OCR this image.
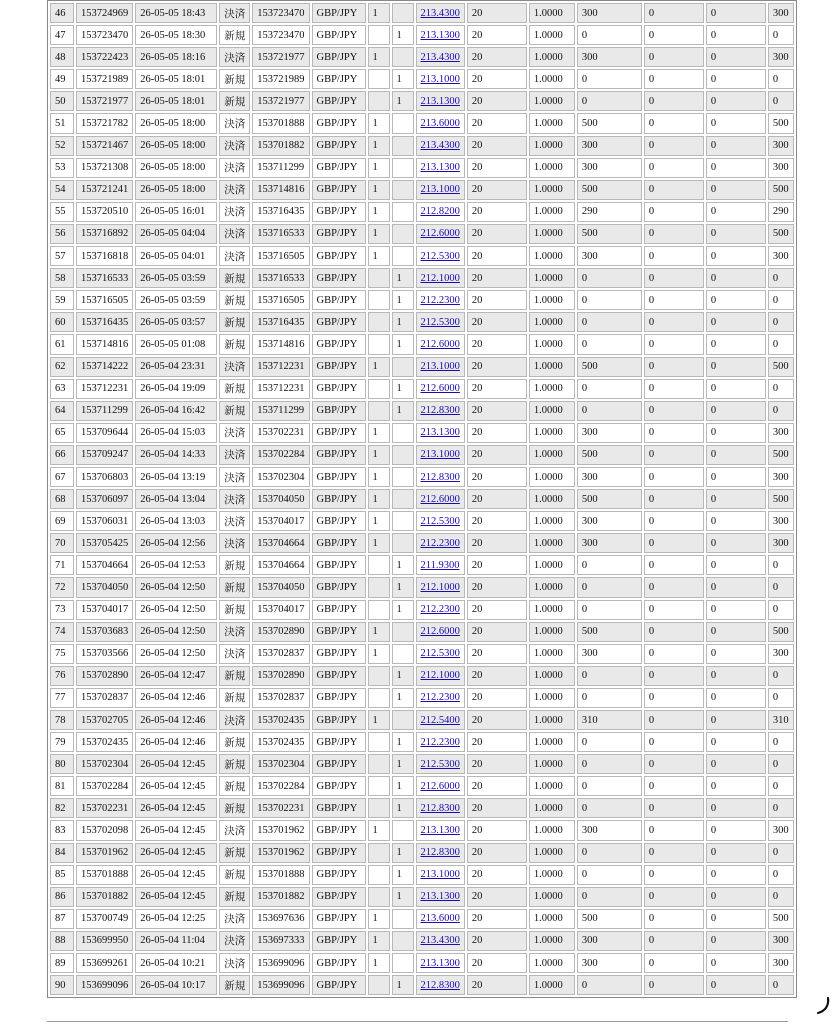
46	153724969	26-05-05 18:43	決済	153723470	GBP/JPY	1		213.4300	20	1.0000	300	0	0	300
47	153723470	26-05-05 18:30	新規	153723470	GBP/JPY		1	213.1300	20	1.0000	0	0	0	0
48	153722423	26-05-05 18:16	決済	153721977	GBP/JPY	1		213.4300	20	1.0000	300	0	0	300
49	153721989	26-05-05 18:01	新規	153721989	GBP/JPY		1	213.1000	20	1.0000	0	0	0	0
50	153721977	26-05-05 18:01	新規	153721977	GBP/JPY		1	213.1300	20	1.0000	0	0	0	0
51	153721782	26-05-05 18:00	決済	153701888	GBP/JPY	1		213.6000	20	1.0000	500	0	0	500
52	153721467	26-05-05 18:00	決済	153701882	GBP/JPY	1		213.4300	20	1.0000	300	0	0	300
53	153721308	26-05-05 18:00	決済	153711299	GBP/JPY	1		213.1300	20	1.0000	300	0	0	300
54	153721241	26-05-05 18:00	決済	153714816	GBP/JPY	1		213.1000	20	1.0000	500	0	0	500
55	153720510	26-05-05 16:01	決済	153716435	GBP/JPY	1		212.8200	20	1.0000	290	0	0	290
56	153716892	26-05-05 04:04	決済	153716533	GBP/JPY	1		212.6000	20	1.0000	500	0	0	500
57	153716818	26-05-05 04:01	決済	153716505	GBP/JPY	1		212.5300	20	1.0000	300	0	0	300
58	153716533	26-05-05 03:59	新規	153716533	GBP/JPY		1	212.1000	20	1.0000	0	0	0	0
59	153716505	26-05-05 03:59	新規	153716505	GBP/JPY		1	212.2300	20	1.0000	0	0	0	0
60	153716435	26-05-05 03:57	新規	153716435	GBP/JPY		1	212.5300	20	1.0000	0	0	0	0
61	153714816	26-05-05 01:08	新規	153714816	GBP/JPY		1	212.6000	20	1.0000	0	0	0	0
62	153714222	26-05-04 23:31	決済	153712231	GBP/JPY	1		213.1000	20	1.0000	500	0	0	500
63	153712231	26-05-04 19:09	新規	153712231	GBP/JPY		1	212.6000	20	1.0000	0	0	0	0
64	153711299	26-05-04 16:42	新規	153711299	GBP/JPY		1	212.8300	20	1.0000	0	0	0	0
65	153709644	26-05-04 15:03	決済	153702231	GBP/JPY	1		213.1300	20	1.0000	300	0	0	300
66	153709247	26-05-04 14:33	決済	153702284	GBP/JPY	1		213.1000	20	1.0000	500	0	0	500
67	153706803	26-05-04 13:19	決済	153702304	GBP/JPY	1		212.8300	20	1.0000	300	0	0	300
68	153706097	26-05-04 13:04	決済	153704050	GBP/JPY	1		212.6000	20	1.0000	500	0	0	500
69	153706031	26-05-04 13:03	決済	153704017	GBP/JPY	1		212.5300	20	1.0000	300	0	0	300
70	153705425	26-05-04 12:56	決済	153704664	GBP/JPY	1		212.2300	20	1.0000	300	0	0	300
71	153704664	26-05-04 12:53	新規	153704664	GBP/JPY		1	211.9300	20	1.0000	0	0	0	0
72	153704050	26-05-04 12:50	新規	153704050	GBP/JPY		1	212.1000	20	1.0000	0	0	0	0
73	153704017	26-05-04 12:50	新規	153704017	GBP/JPY		1	212.2300	20	1.0000	0	0	0	0
74	153703683	26-05-04 12:50	決済	153702890	GBP/JPY	1		212.6000	20	1.0000	500	0	0	500
75	153703566	26-05-04 12:50	決済	153702837	GBP/JPY	1		212.5300	20	1.0000	300	0	0	300
76	153702890	26-05-04 12:47	新規	153702890	GBP/JPY		1	212.1000	20	1.0000	0	0	0	0
77	153702837	26-05-04 12:46	新規	153702837	GBP/JPY		1	212.2300	20	1.0000	0	0	0	0
78	153702705	26-05-04 12:46	決済	153702435	GBP/JPY	1		212.5400	20	1.0000	310	0	0	310
79	153702435	26-05-04 12:46	新規	153702435	GBP/JPY		1	212.2300	20	1.0000	0	0	0	0
80	153702304	26-05-04 12:45	新規	153702304	GBP/JPY		1	212.5300	20	1.0000	0	0	0	0
81	153702284	26-05-04 12:45	新規	153702284	GBP/JPY		1	212.6000	20	1.0000	0	0	0	0
82	153702231	26-05-04 12:45	新規	153702231	GBP/JPY		1	212.8300	20	1.0000	0	0	0	0
83	153702098	26-05-04 12:45	決済	153701962	GBP/JPY	1		213.1300	20	1.0000	300	0	0	300
84	153701962	26-05-04 12:45	新規	153701962	GBP/JPY		1	212.8300	20	1.0000	0	0	0	0
85	153701888	26-05-04 12:45	新規	153701888	GBP/JPY		1	213.1000	20	1.0000	0	0	0	0
86	153701882	26-05-04 12:45	新規	153701882	GBP/JPY		1	213.1300	20	1.0000	0	0	0	0
87	153700749	26-05-04 12:25	決済	153697636	GBP/JPY	1		213.6000	20	1.0000	500	0	0	500
88	153699950	26-05-04 11:04	決済	153697333	GBP/JPY	1		213.4300	20	1.0000	300	0	0	300
89	153699261	26-05-04 10:21	決済	153699096	GBP/JPY	1		213.1300	20	1.0000	300	0	0	300
90	153699096	26-05-04 10:17	新規	153699096	GBP/JPY		1	212.8300	20	1.0000	0	0	0	0
